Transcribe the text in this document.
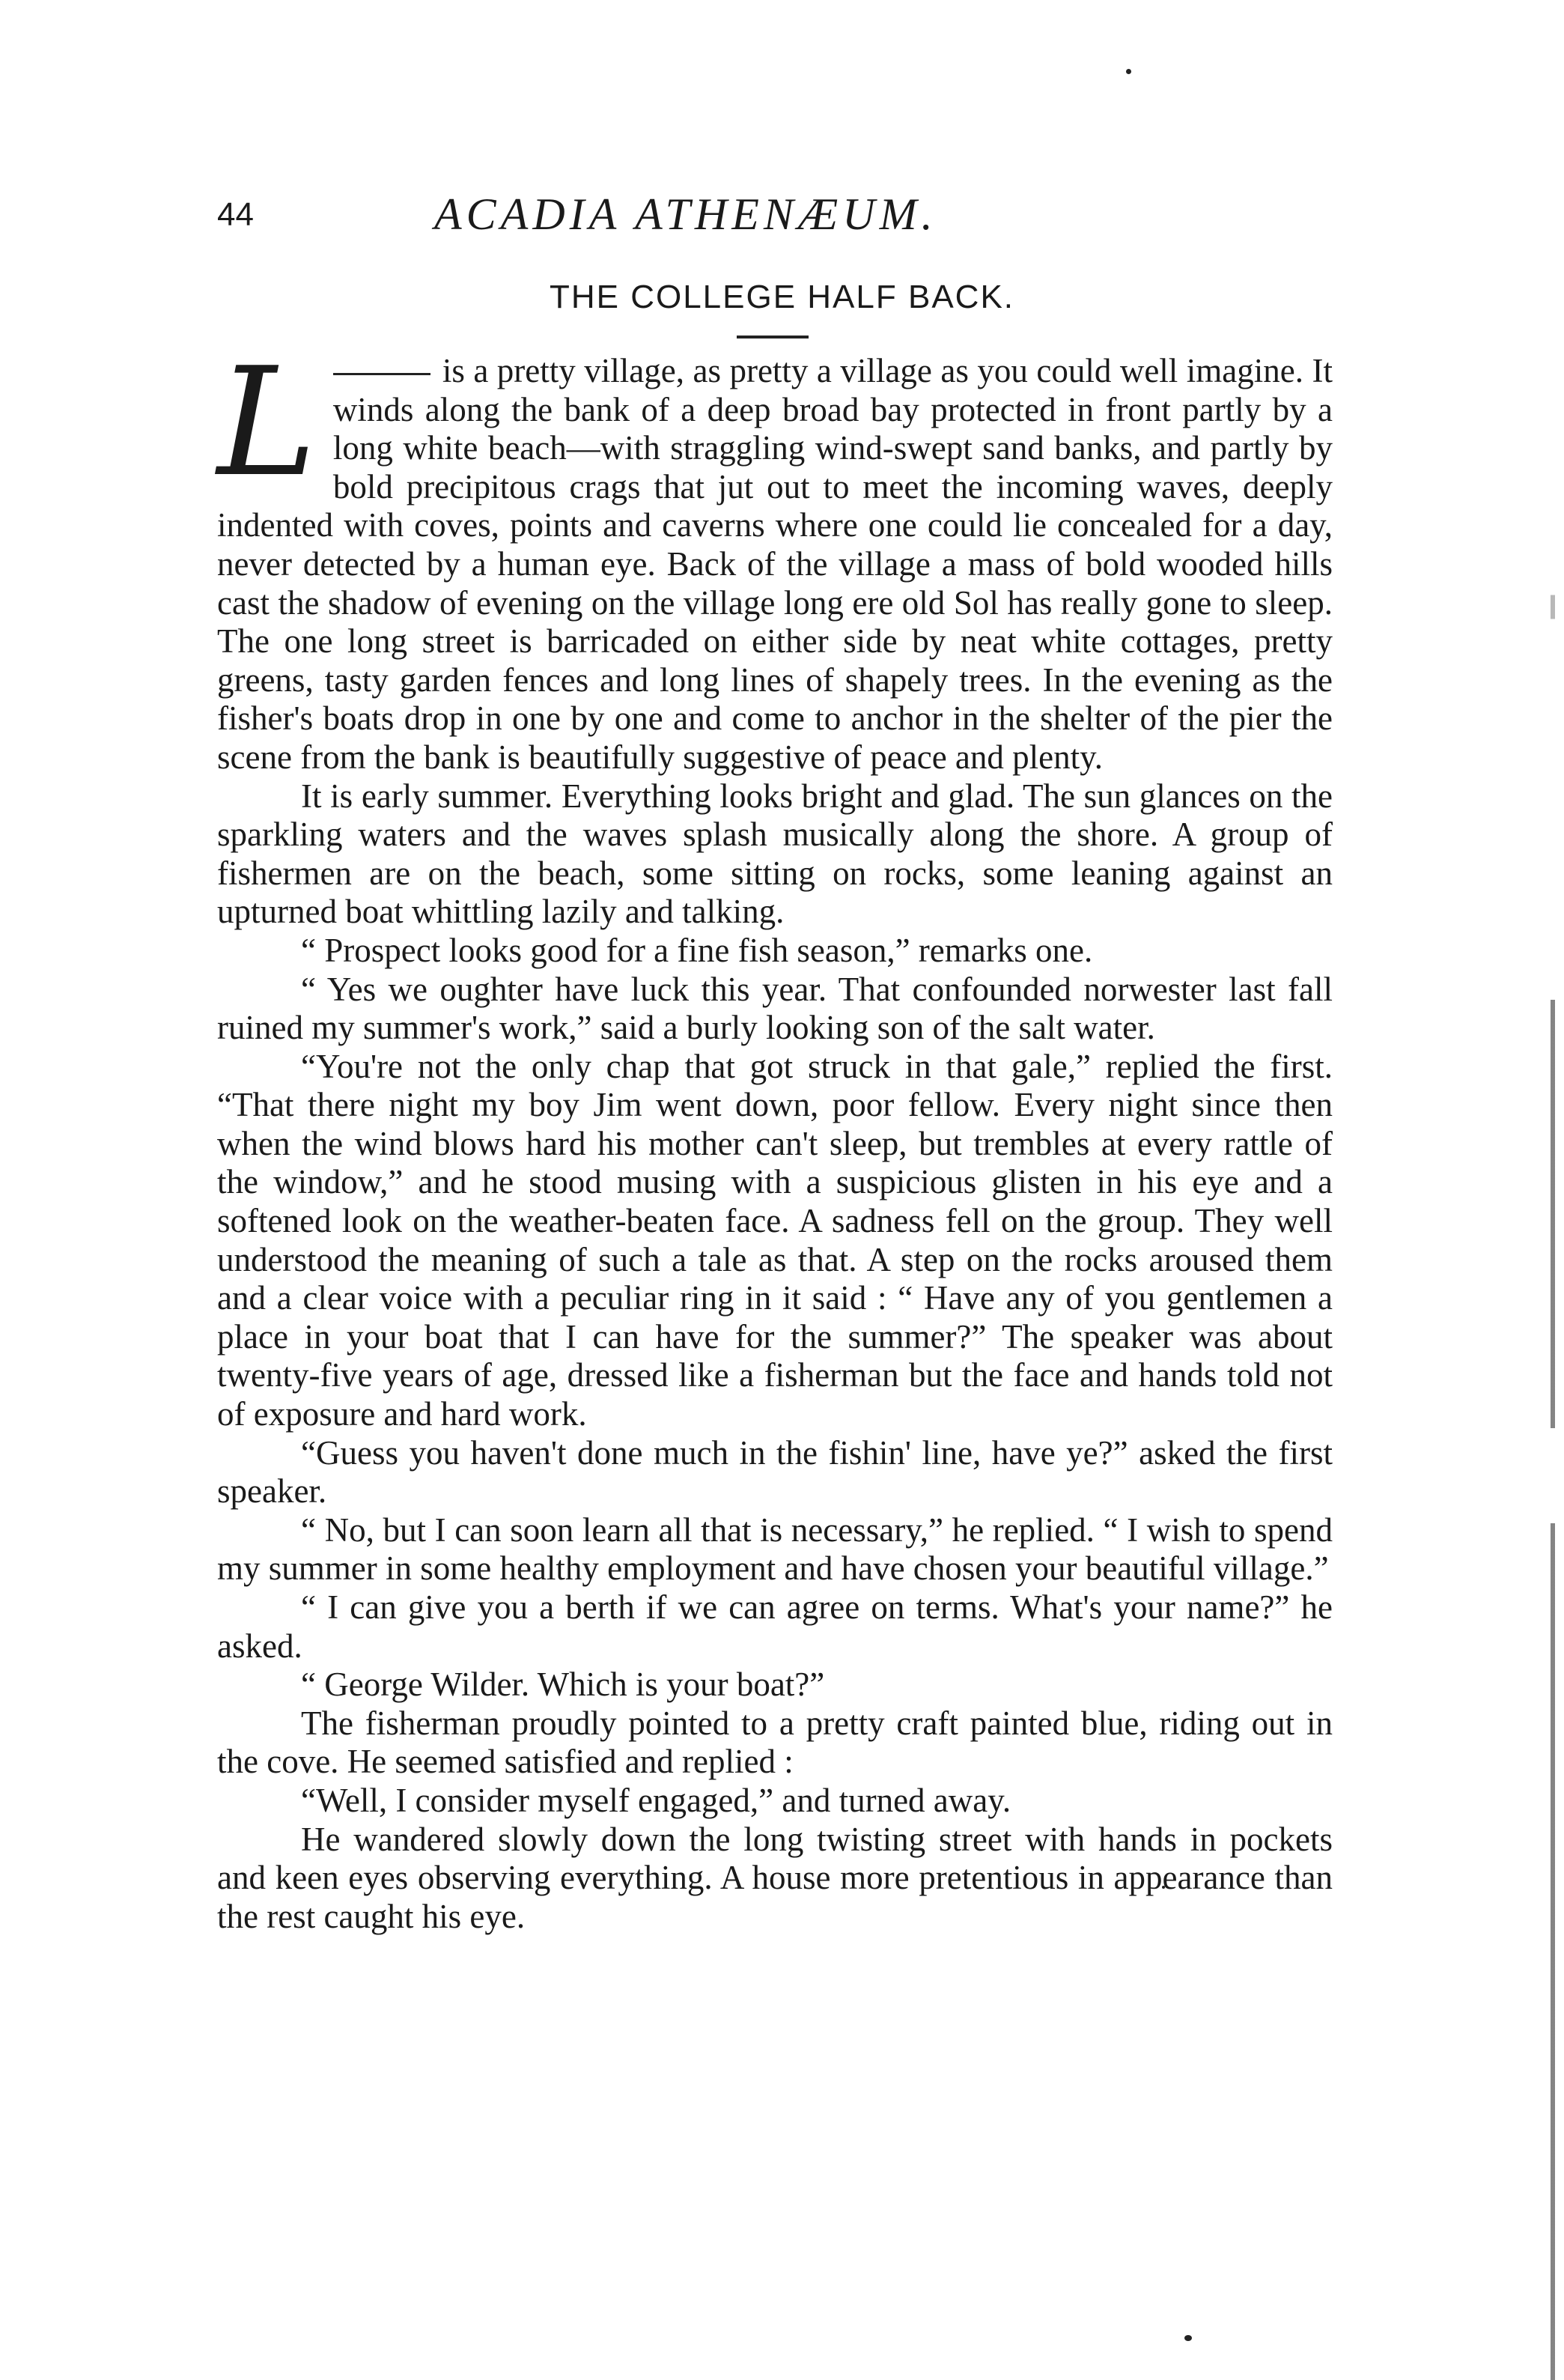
44	ACADIA ATHENÆUM.
THE COLLEGE HALF BACK.

L	is a pretty village, as pretty a village as you could well imagine. It winds along the bank of a deep broad bay protected in front partly by a long white beach—with straggling wind-swept sand banks, and partly by bold precipitous crags that jut out to meet the incoming waves, deeply indented with coves, points and caverns where one could lie concealed for a day, never detected by a human eye. Back of the village a mass of bold wooded hills cast the shadow of evening on the village long ere old Sol has really gone to sleep. The one long street is barricaded on either side by neat white cottages, pretty greens, tasty garden fences and long lines of shapely trees. In the evening as the fisher's boats drop in one by one and come to anchor in the shelter of the pier the scene from the bank is beautifully suggestive of peace and plenty.

It is early summer. Everything looks bright and glad. The sun glances on the sparkling waters and the waves splash musically along the shore. A group of fishermen are on the beach, some sitting on rocks, some leaning against an upturned boat whittling lazily and talking.

“ Prospect looks good for a fine fish season,” remarks one.

“ Yes we oughter have luck this year. That confounded norwester last fall ruined my summer's work,” said a burly looking son of the salt water.

“You're not the only chap that got struck in that gale,” replied the first. “That there night my boy Jim went down, poor fellow. Every night since then when the wind blows hard his mother can't sleep, but trembles at every rattle of the window,” and he stood musing with a suspicious glisten in his eye and a softened look on the weather-beaten face. A sadness fell on the group. They well understood the meaning of such a tale as that. A step on the rocks aroused them and a clear voice with a peculiar ring in it said : “ Have any of you gentlemen a place in your boat that I can have for the summer?” The speaker was about twenty-five years of age, dressed like a fisherman but the face and hands told not of exposure and hard work.

“Guess you haven't done much in the fishin' line, have ye?” asked the first speaker.

“ No, but I can soon learn all that is necessary,” he replied. “ I wish to spend my summer in some healthy employment and have chosen your beautiful village.”

“ I can give you a berth if we can agree on terms. What's your name?” he asked.

“ George Wilder. Which is your boat?”

The fisherman proudly pointed to a pretty craft painted blue, riding out in the cove. He seemed satisfied and replied :

“Well, I consider myself engaged,” and turned away.

He wandered slowly down the long twisting street with hands in pockets and keen eyes observing everything. A house more pretentious in appearance than the rest caught his eye.
